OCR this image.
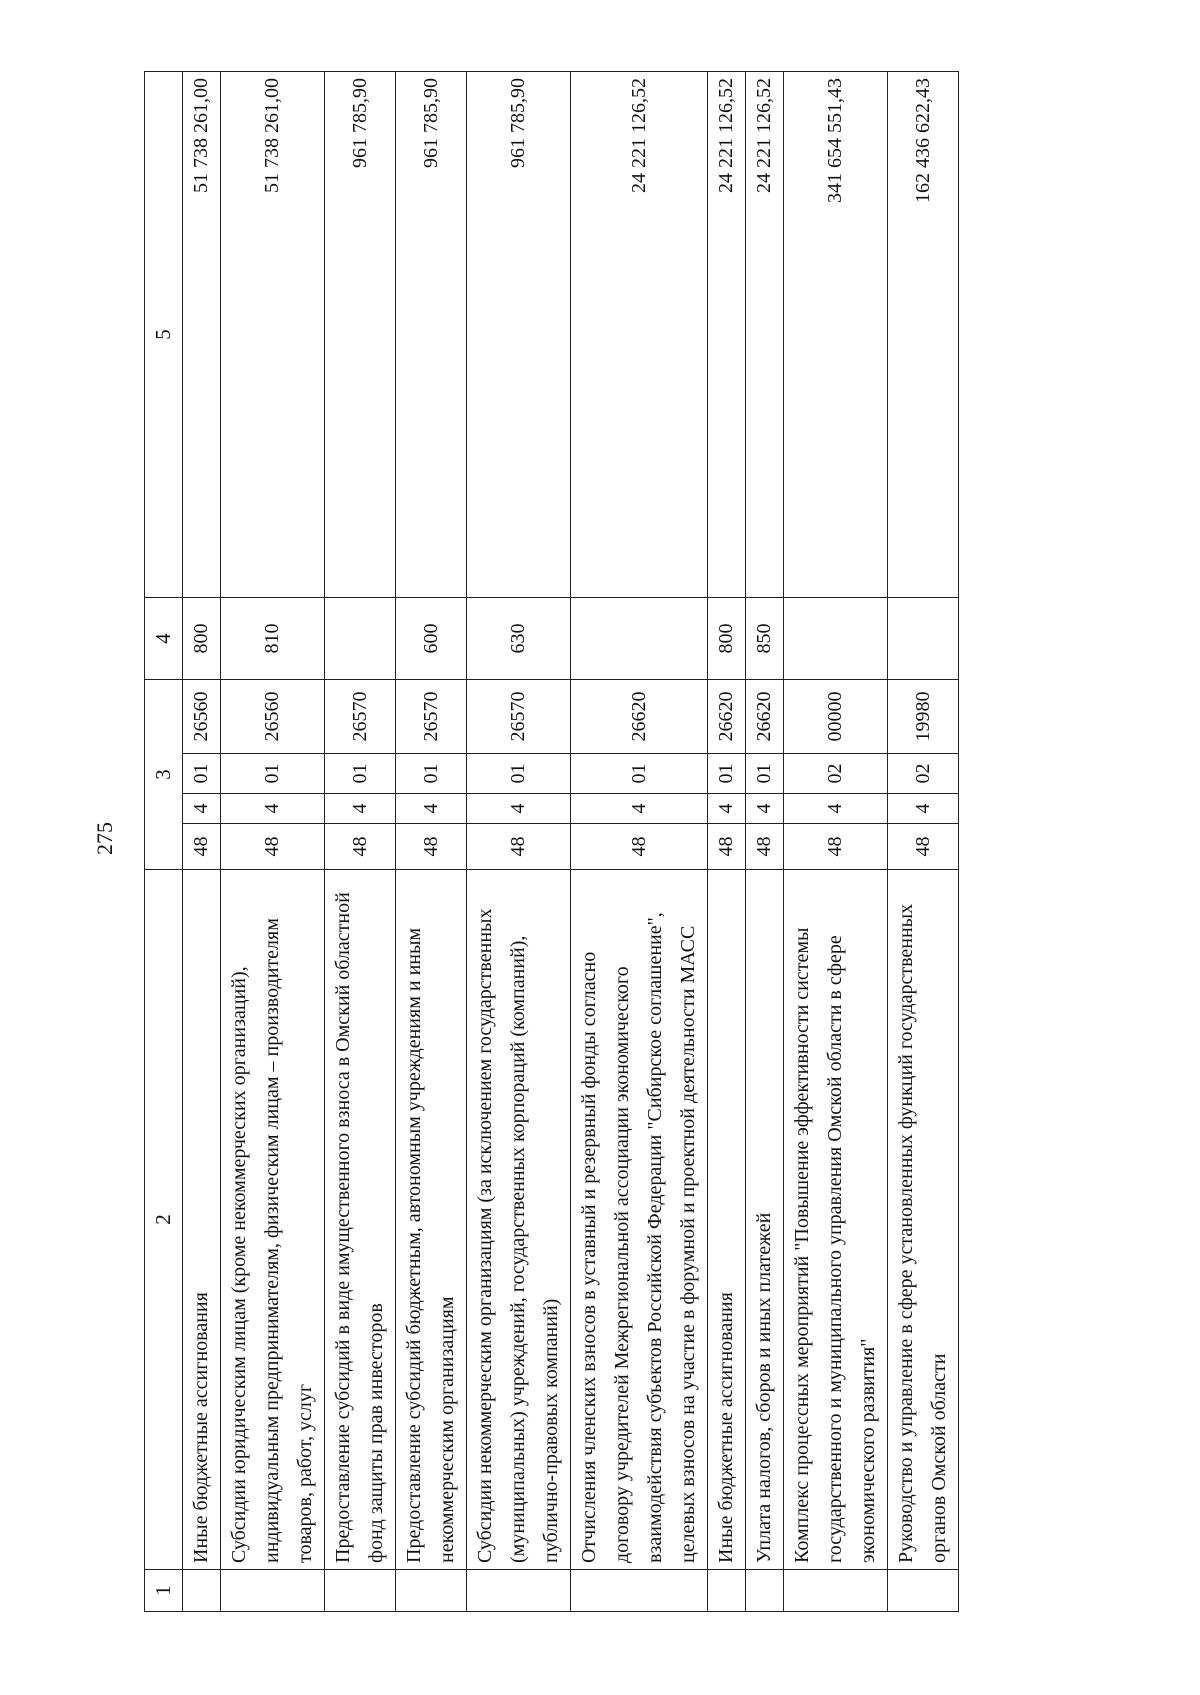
275
1	2	3				4	5
	Иные бюджетные ассигнования	48	4	01	26560	800	51 738 261,00
	Субсидии юридическим лицам (кроме некоммерческих организаций), индивидуальным предпринимателям, физическим лицам – производителям товаров, работ, услуг	48	4	01	26560	810	51 738 261,00
	Предоставление субсидий в виде имущественного взноса в Омский областной фонд защиты прав инвесторов	48	4	01	26570		961 785,90
	Предоставление субсидий бюджетным, автономным учреждениям и иным некоммерческим организациям	48	4	01	26570	600	961 785,90
	Субсидии некоммерческим организациям (за исключением государственных (муниципальных) учреждений, государственных корпораций (компаний), публично-правовых компаний)	48	4	01	26570	630	961 785,90
	Отчисления членских взносов в уставный и резервный фонды согласно договору учредителей Межрегиональной ассоциации экономического взаимодействия субъектов Российской Федерации "Сибирское соглашение", целевых взносов на участие в форумной и проектной деятельности МАСС	48	4	01	26620		24 221 126,52
	Иные бюджетные ассигнования	48	4	01	26620	800	24 221 126,52
	Уплата налогов, сборов и иных платежей	48	4	01	26620	850	24 221 126,52
	Комплекс процессных мероприятий "Повышение эффективности системы государственного и муниципального управления Омской области в сфере экономического развития"	48	4	02	00000		341 654 551,43
	Руководство и управление в сфере установленных функций государственных органов Омской области	48	4	02	19980		162 436 622,43
